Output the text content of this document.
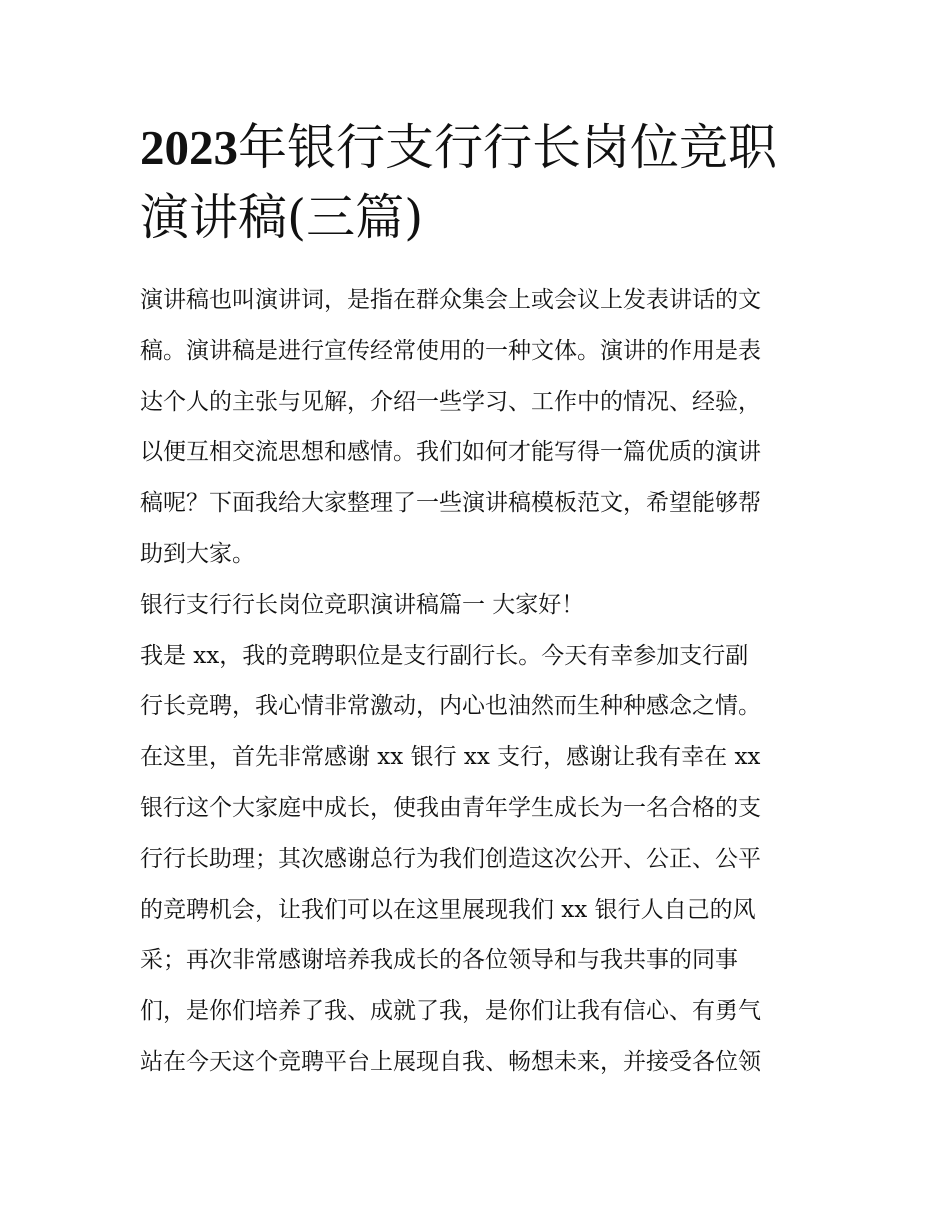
2023年银行支行行长岗位竞职
演讲稿(三篇)
演讲稿也叫演讲词，是指在群众集会上或会议上发表讲话的文
稿。演讲稿是进行宣传经常使用的一种文体。演讲的作用是表
达个人的主张与见解，介绍一些学习、工作中的情况、经验，
以便互相交流思想和感情。我们如何才能写得一篇优质的演讲
稿呢？下面我给大家整理了一些演讲稿模板范文，希望能够帮
助到大家。
银行支行行长岗位竞职演讲稿篇一 大家好！
我是 xx，我的竞聘职位是支行副行长。今天有幸参加支行副
行长竞聘，我心情非常激动，内心也油然而生种种感念之情。
在这里，首先非常感谢 xx 银行 xx 支行，感谢让我有幸在 xx
银行这个大家庭中成长，使我由青年学生成长为一名合格的支
行行长助理；其次感谢总行为我们创造这次公开、公正、公平
的竞聘机会，让我们可以在这里展现我们 xx 银行人自己的风
采；再次非常感谢培养我成长的各位领导和与我共事的同事
们，是你们培养了我、成就了我，是你们让我有信心、有勇气
站在今天这个竞聘平台上展现自我、畅想未来，并接受各位领
